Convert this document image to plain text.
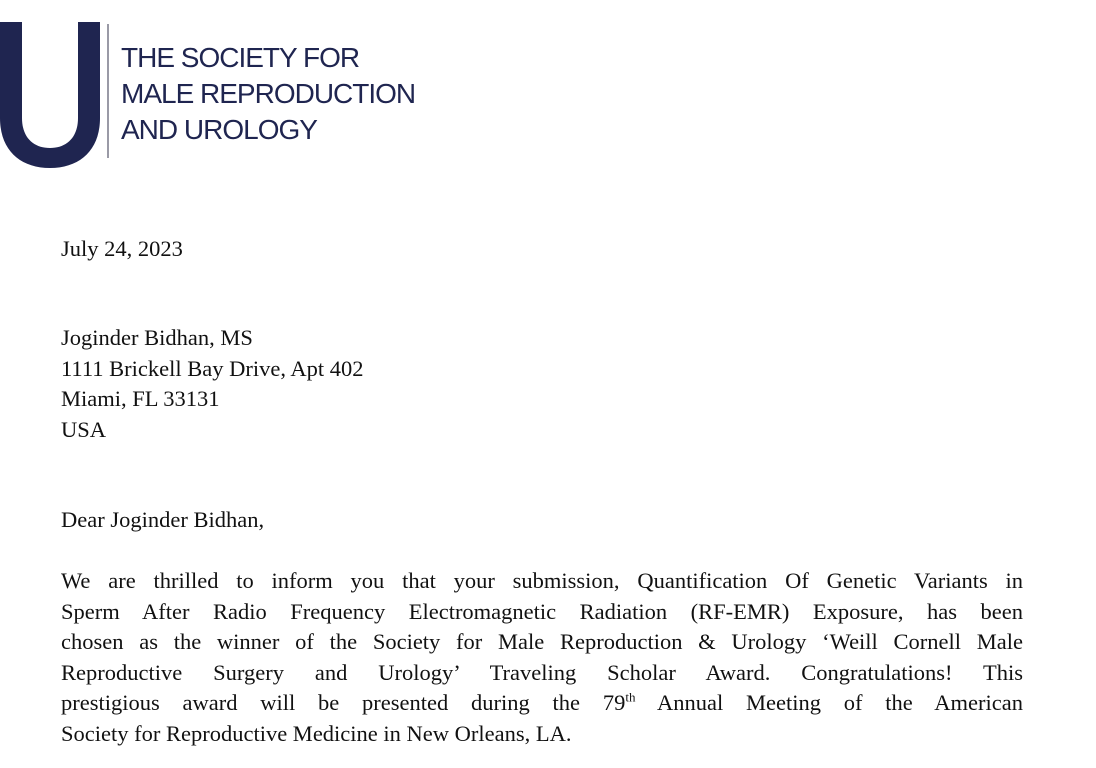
THE SOCIETY FOR
MALE REPRODUCTION
AND UROLOGY

July 24, 2023

Joginder Bidhan, MS
1111 Brickell Bay Drive, Apt 402
Miami, FL 33131
USA

Dear Joginder Bidhan,

We are thrilled to inform you that your submission, Quantification Of Genetic Variants in
Sperm After Radio Frequency Electromagnetic Radiation (RF-EMR) Exposure, has been
chosen as the winner of the Society for Male Reproduction & Urology ‘Weill Cornell Male
Reproductive Surgery and Urology’ Traveling Scholar Award. Congratulations! This
prestigious award will be presented during the 79th Annual Meeting of the American
Society for Reproductive Medicine in New Orleans, LA.
